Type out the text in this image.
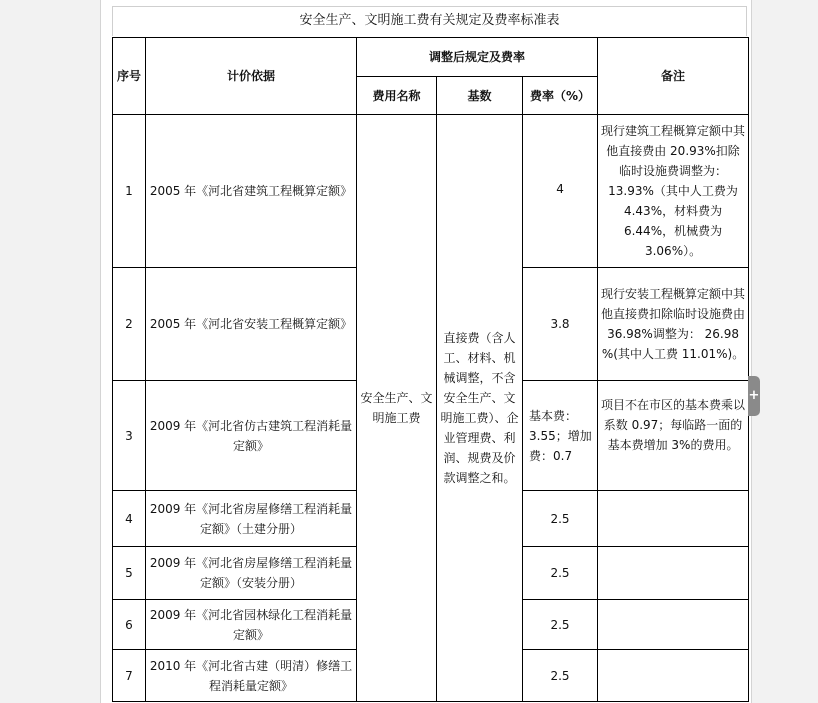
安全生产、文明施工费有关规定及费率标准表
序号	计价依据	调整后规定及费率			备注
		费用名称	基数	费率（%）	
1	2005 年《河北省建筑工程概算定额》	安全生产、文明施工费	直接费（含人工、材料、机械调整，不含安全生产、文明施工费）、企业管理费、利润、规费及价款调整之和。	4	现行建筑工程概算定额中其他直接费由 20.93%扣除临时设施费调整为：13.93%（其中人工费为 4.43%，材料费为 6.44%，机械费为 3.06%）。
2	2005 年《河北省安装工程概算定额》			3.8	现行安装工程概算定额中其他直接费扣除临时设施费由 36.98%调整为： 26.98 %(其中人工费 11.01%)。
3	2009 年《河北省仿古建筑工程消耗量定额》			基本费：3.55；增加费：0.7	项目不在市区的基本费乘以系数 0.97；每临路一面的基本费增加 3%的费用。
4	2009 年《河北省房屋修缮工程消耗量定额》（土建分册）			2.5	
5	2009 年《河北省房屋修缮工程消耗量定额》（安装分册）			2.5	
6	2009 年《河北省园林绿化工程消耗量定额》			2.5	
7	2010 年《河北省古建（明清）修缮工程消耗量定额》			2.5	
+
